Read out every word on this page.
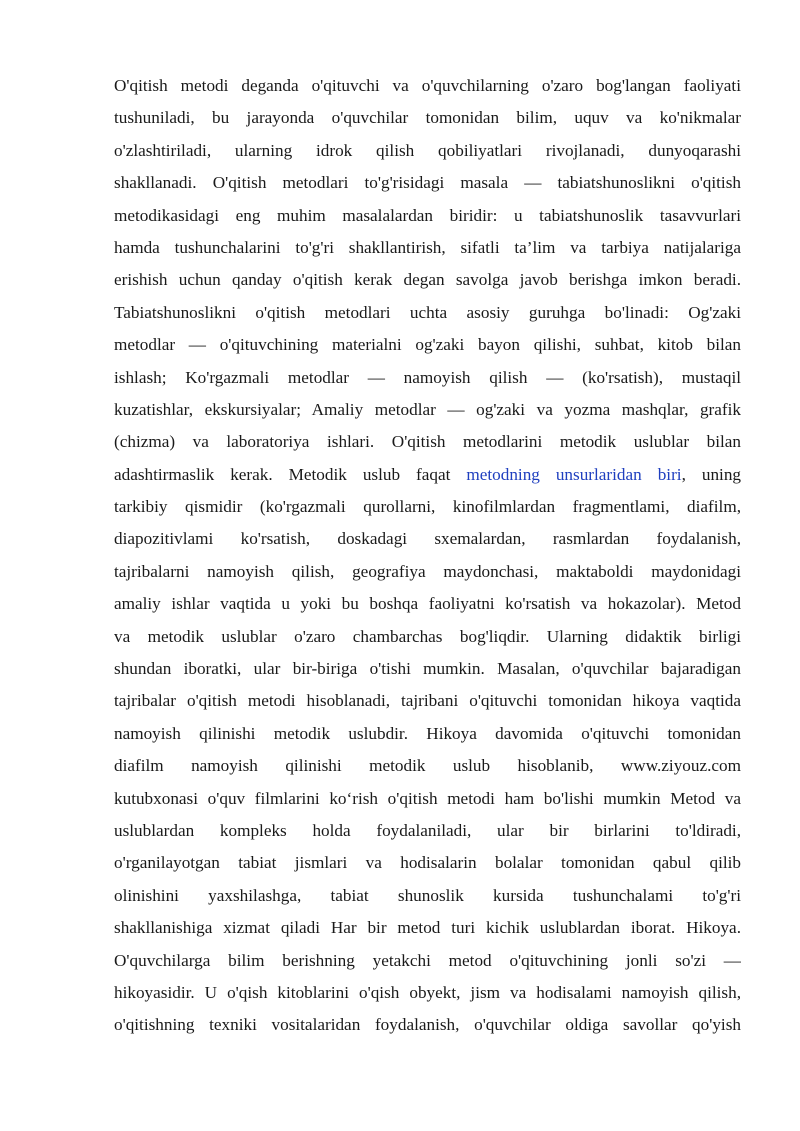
O'qitish metodi deganda o'qituvchi va o'quvchilarning o'zaro bog'langan faoliyati
tushuniladi, bu jarayonda o'quvchilar tomonidan bilim, uquv va ko'nikmalar
o'zlashtiriladi, ularning idrok qilish qobiliyatlari rivojlanadi, dunyoqarashi
shakllanadi. O'qitish metodlari to'g'risidagi masala — tabiatshunoslikni o'qitish
metodikasidagi eng muhim masalalardan biridir: u tabiatshunoslik tasavvurlari
hamda tushunchalarini to'g'ri shakllantirish, sifatli ta’lim va tarbiya natijalariga
erishish uchun qanday o'qitish kerak degan savolga javob berishga imkon beradi.
Tabiatshunoslikni o'qitish metodlari uchta asosiy guruhga bo'linadi: Og'zaki
metodlar — o'qituvchining materialni og'zaki bayon qilishi, suhbat, kitob bilan
ishlash; Ko'rgazmali metodlar — namoyish qilish — (ko'rsatish), mustaqil
kuzatishlar, ekskursiyalar; Amaliy metodlar — og'zaki va yozma mashqlar, grafik
(chizma) va laboratoriya ishlari. O'qitish metodlarini metodik uslublar bilan
adashtirmaslik kerak. Metodik uslub faqat metodning unsurlaridan biri, uning
tarkibiy qismidir (ko'rgazmali qurollarni, kinofilmlardan fragmentlami, diafilm,
diapozitivlami ko'rsatish, doskadagi sxemalardan, rasmlardan foydalanish,
tajribalarni namoyish qilish, geografiya maydonchasi, maktaboldi maydonidagi
amaliy ishlar vaqtida u yoki bu boshqa faoliyatni ko'rsatish va hokazolar). Metod
va metodik uslublar o'zaro chambarchas bog'liqdir. Ularning didaktik birligi
shundan iboratki, ular bir-biriga o'tishi mumkin. Masalan, o'quvchilar bajaradigan
tajribalar o'qitish metodi hisoblanadi, tajribani o'qituvchi tomonidan hikoya vaqtida
namoyish qilinishi metodik uslubdir. Hikoya davomida o'qituvchi tomonidan
diafilm namoyish qilinishi metodik uslub hisoblanib, www.ziyouz.com
kutubxonasi o'quv filmlarini ko‘rish o'qitish metodi ham bo'lishi mumkin Metod va
uslublardan kompleks holda foydalaniladi, ular bir birlarini to'ldiradi,
o'rganilayotgan tabiat jismlari va hodisalarin bolalar tomonidan qabul qilib
olinishini yaxshilashga, tabiat shunoslik kursida tushunchalami to'g'ri
shakllanishiga xizmat qiladi Har bir metod turi kichik uslublardan iborat. Hikoya.
O'quvchilarga bilim berishning yetakchi metod o'qituvchining jonli so'zi —
hikoyasidir. U o'qish kitoblarini o'qish obyekt, jism va hodisalami namoyish qilish,
o'qitishning texniki vositalaridan foydalanish, o'quvchilar oldiga savollar qo'yish
